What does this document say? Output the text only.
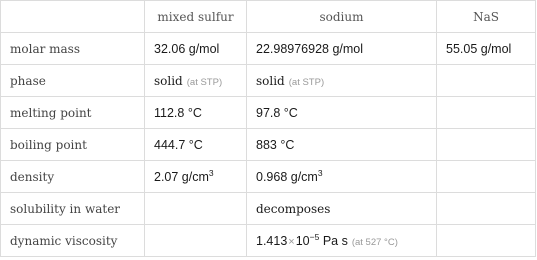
	mixed sulfur	sodium	NaS
molar mass	32.06 g/mol	22.98976928 g/mol	55.05 g/mol
phase	solid (at STP)	solid (at STP)	
melting point	112.8 °C	97.8 °C	
boiling point	444.7 °C	883 °C	
density	2.07 $g/cm^3$	0.968 $g/cm^3$	
solubility in water		decomposes	
dynamic viscosity		$1.413\times 10^{-5}$ Pa s (at 527 °C)	
